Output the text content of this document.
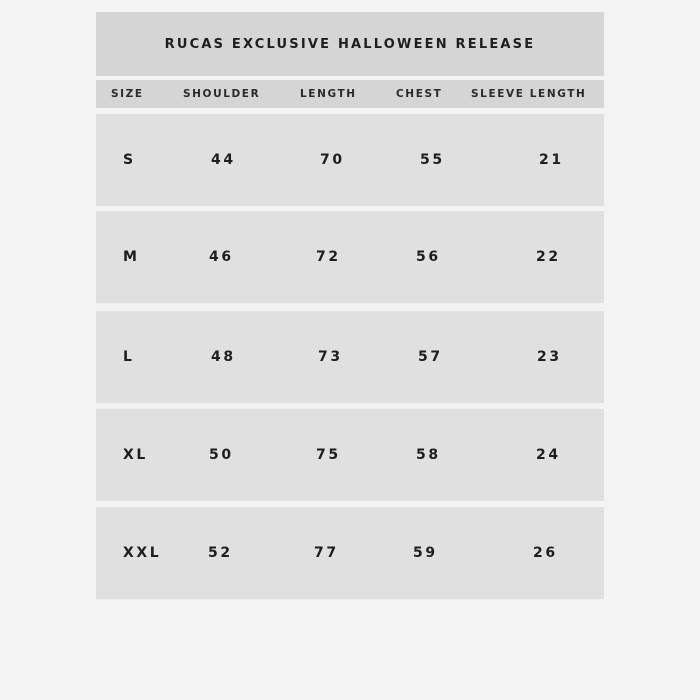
RUCAS EXCLUSIVE HALLOWEEN RELEASE
SIZE	SHOULDER	LENGTH	CHEST	SLEEVE LENGTH
S	44	70	55	21
M	46	72	56	22
L	48	73	57	23
XL	50	75	58	24
XXL	52	77	59	26
